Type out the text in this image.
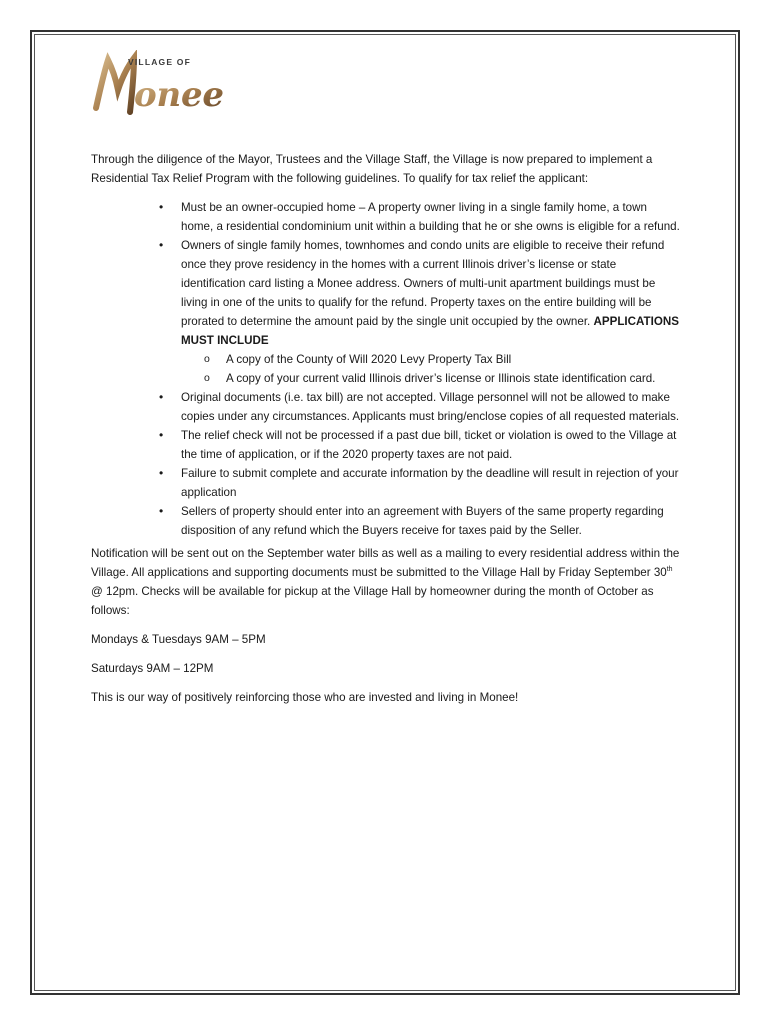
onee
VILLAGE OF

Through the diligence of the Mayor, Trustees and the Village Staff, the Village is now prepared to implement a Residential Tax Relief Program with the following guidelines. To qualify for tax relief the applicant:

• Must be an owner-occupied home – A property owner living in a single family home, a town home, a residential condominium unit within a building that he or she owns is eligible for a refund.
• Owners of single family homes, townhomes and condo units are eligible to receive their refund once they prove residency in the homes with a current Illinois driver’s license or state identification card listing a Monee address. Owners of multi-unit apartment buildings must be living in one of the units to qualify for the refund. Property taxes on the entire building will be prorated to determine the amount paid by the single unit occupied by the owner. APPLICATIONS MUST INCLUDE
o A copy of the County of Will 2020 Levy Property Tax Bill
o A copy of your current valid Illinois driver’s license or Illinois state identification card.
• Original documents (i.e. tax bill) are not accepted. Village personnel will not be allowed to make copies under any circumstances. Applicants must bring/enclose copies of all requested materials.
• The relief check will not be processed if a past due bill, ticket or violation is owed to the Village at the time of application, or if the 2020 property taxes are not paid.
• Failure to submit complete and accurate information by the deadline will result in rejection of your application
• Sellers of property should enter into an agreement with Buyers of the same property regarding disposition of any refund which the Buyers receive for taxes paid by the Seller.

Notification will be sent out on the September water bills as well as a mailing to every residential address within the Village. All applications and supporting documents must be submitted to the Village Hall by Friday September 30th @ 12pm. Checks will be available for pickup at the Village Hall by homeowner during the month of October as follows:

Mondays & Tuesdays 9AM – 5PM

Saturdays 9AM – 12PM

This is our way of positively reinforcing those who are invested and living in Monee!
